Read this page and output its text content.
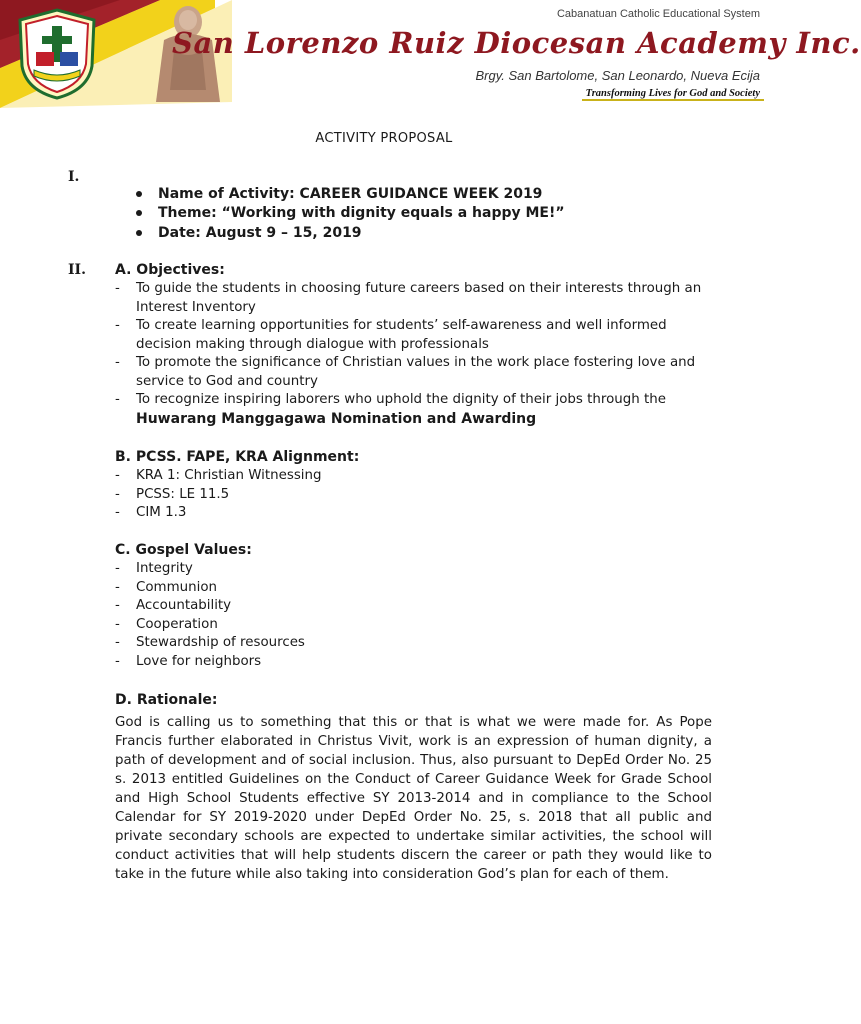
Cabanatuan Catholic Educational System
San Lorenzo Ruiz Diocesan Academy Inc.
Brgy. San Bartolome, San Leonardo, Nueva Ecija
Transforming Lives for God and Society
ACTIVITY PROPOSAL
I.
Name of Activity: CAREER GUIDANCE WEEK 2019
Theme: “Working with dignity equals a happy ME!”
Date: August 9 – 15, 2019
II. A. Objectives:
- To guide the students in choosing future careers based on their interests through an Interest Inventory
- To create learning opportunities for students’ self-awareness and well informed decision making through dialogue with professionals
- To promote the significance of Christian values in the work place fostering love and service to God and country
- To recognize inspiring laborers who uphold the dignity of their jobs through the
Huwarang Manggagawa Nomination and Awarding
B. PCSS. FAPE, KRA Alignment:
- KRA 1: Christian Witnessing
- PCSS: LE 11.5
- CIM 1.3
C. Gospel Values:
- Integrity
- Communion
- Accountability
- Cooperation
- Stewardship of resources
- Love for neighbors
D. Rationale:

God is calling us to something that this or that is what we were made for. As Pope Francis further elaborated in Christus Vivit, work is an expression of human dignity, a path of development and of social inclusion. Thus, also pursuant to DepEd Order No. 25 s. 2013 entitled Guidelines on the Conduct of Career Guidance Week for Grade School and High School Students effective SY 2013-2014 and in compliance to the School Calendar for SY 2019-2020 under DepEd Order No. 25, s. 2018 that all public and private secondary schools are expected to undertake similar activities, the school will conduct activities that will help students discern the career or path they would like to take in the future while also taking into consideration God’s plan for each of them.
